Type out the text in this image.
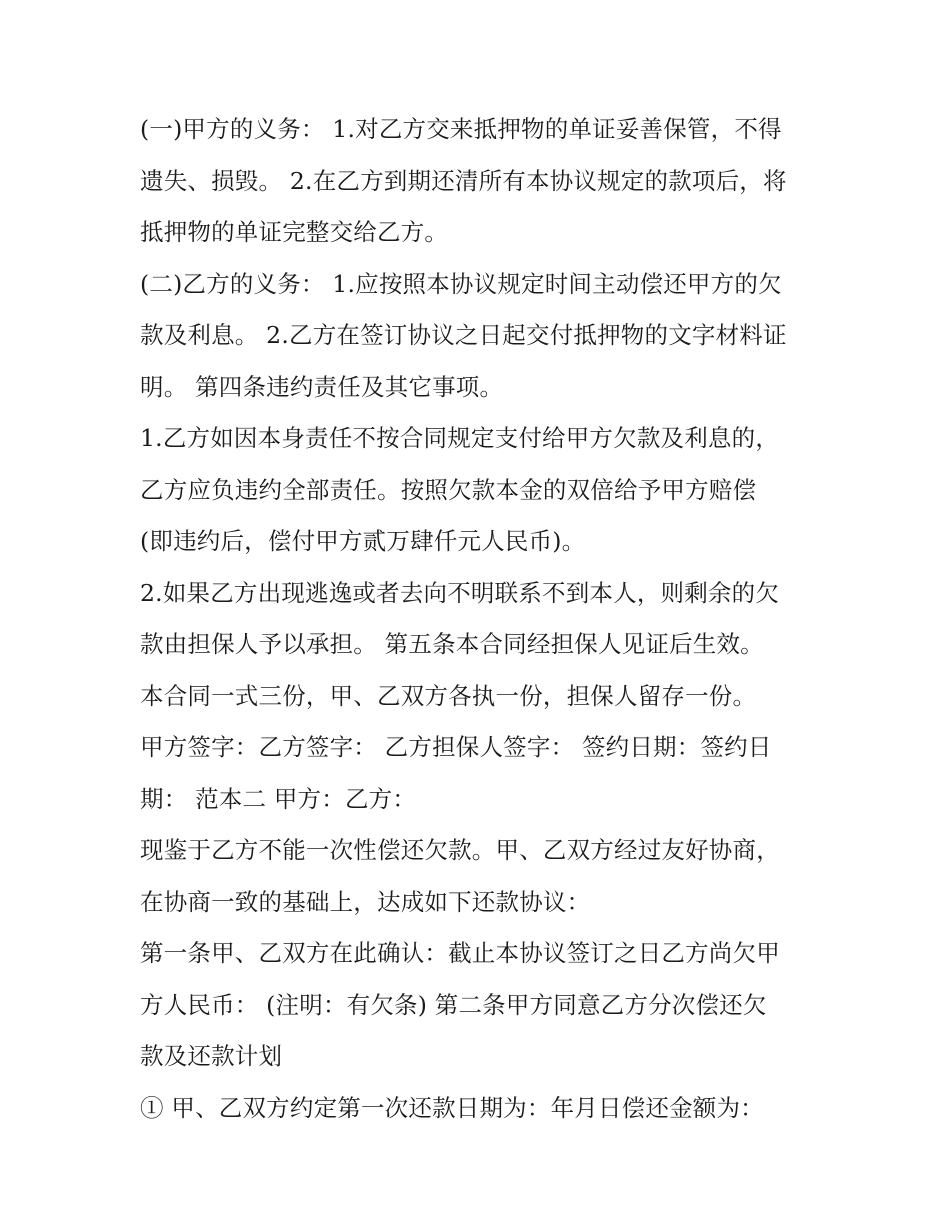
(一)甲方的义务： 1.对乙方交来抵押物的单证妥善保管，不得
遗失、损毁。 2.在乙方到期还清所有本协议规定的款项后，将
抵押物的单证完整交给乙方。
(二)乙方的义务： 1.应按照本协议规定时间主动偿还甲方的欠
款及利息。 2.乙方在签订协议之日起交付抵押物的文字材料证
明。 第四条违约责任及其它事项。
1.乙方如因本身责任不按合同规定支付给甲方欠款及利息的，
乙方应负违约全部责任。按照欠款本金的双倍给予甲方赔偿
(即违约后，偿付甲方贰万肆仟元人民币)。
2.如果乙方出现逃逸或者去向不明联系不到本人，则剩余的欠
款由担保人予以承担。 第五条本合同经担保人见证后生效。
本合同一式三份，甲、乙双方各执一份，担保人留存一份。
甲方签字：乙方签字： 乙方担保人签字： 签约日期：签约日
期： 范本二 甲方：乙方：
现鉴于乙方不能一次性偿还欠款。甲、乙双方经过友好协商，
在协商一致的基础上，达成如下还款协议：
第一条甲、乙双方在此确认：截止本协议签订之日乙方尚欠甲
方人民币： (注明：有欠条) 第二条甲方同意乙方分次偿还欠
款及还款计划
① 甲、乙双方约定第一次还款日期为：年月日偿还金额为：
